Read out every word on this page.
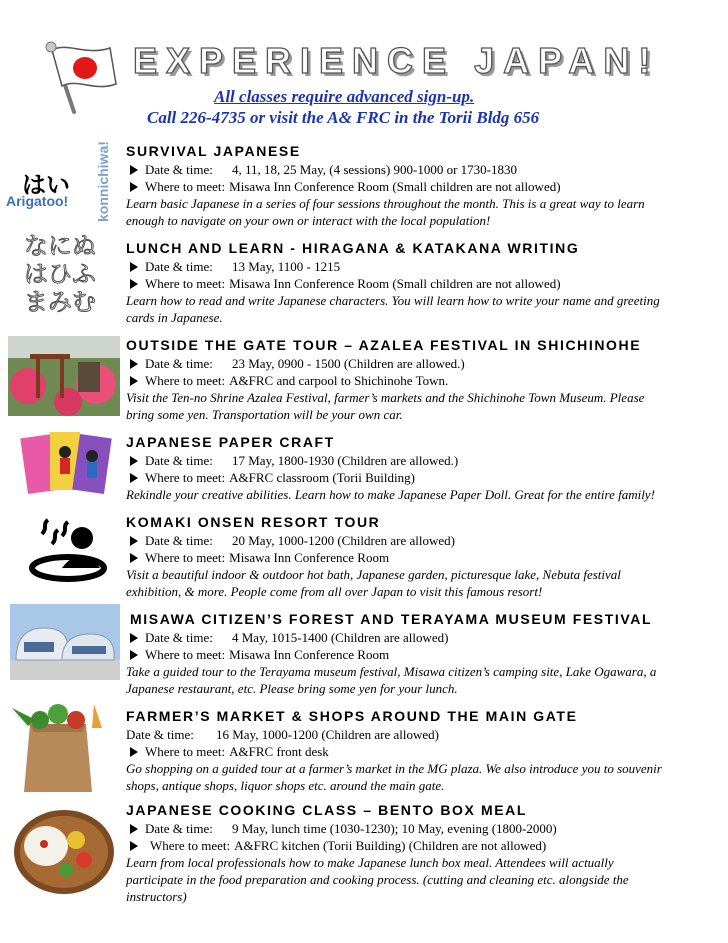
EXPERIENCE JAPAN!
All classes require advanced sign-up.
Call 226-4735 or visit the A& FRC in the Torii Bldg 656
はい
Arigatoo! konnichiwa!
なにぬ
はひふ
まみむ
SURVIVAL JAPANESE
Date & time: 4, 11, 18, 25 May, (4 sessions) 900-1000 or 1730-1830
Where to meet: Misawa Inn Conference Room (Small children are not allowed)
Learn basic Japanese in a series of four sessions throughout the month. This is a great way to learn
enough to navigate on your own or interact with the local population!
LUNCH AND LEARN - HIRAGANA & KATAKANA WRITING
Date & time: 13 May, 1100 - 1215
Where to meet: Misawa Inn Conference Room (Small children are not allowed)
Learn how to read and write Japanese characters. You will learn how to write your name and greeting
cards in Japanese.
OUTSIDE THE GATE TOUR – AZALEA FESTIVAL IN SHICHINOHE
Date & time: 23 May, 0900 - 1500 (Children are allowed.)
Where to meet: A&FRC and carpool to Shichinohe Town.
Visit the Ten-no Shrine Azalea Festival, farmer’s markets and the Shichinohe Town Museum. Please
bring some yen. Transportation will be your own car.
JAPANESE PAPER CRAFT
Date & time: 17 May, 1800-1930 (Children are allowed.)
Where to meet: A&FRC classroom (Torii Building)
Rekindle your creative abilities. Learn how to make Japanese Paper Doll. Great for the entire family!
KOMAKI ONSEN RESORT TOUR
Date & time: 20 May, 1000-1200 (Children are allowed)
Where to meet: Misawa Inn Conference Room
Visit a beautiful indoor & outdoor hot bath, Japanese garden, picturesque lake, Nebuta festival
exhibition, & more. People come from all over Japan to visit this famous resort!
MISAWA CITIZEN’S FOREST AND TERAYAMA MUSEUM FESTIVAL
Date & time: 4 May, 1015-1400 (Children are allowed)
Where to meet: Misawa Inn Conference Room
Take a guided tour to the Terayama museum festival, Misawa citizen’s camping site, Lake Ogawara, a
Japanese restaurant, etc. Please bring some yen for your lunch.
FARMER’S MARKET & SHOPS AROUND THE MAIN GATE
Date & time: 16 May, 1000-1200 (Children are allowed)
Where to meet: A&FRC front desk
Go shopping on a guided tour at a farmer’s market in the MG plaza. We also introduce you to souvenir
shops, antique shops, liquor shops etc. around the main gate.
JAPANESE COOKING CLASS – BENTO BOX MEAL
Date & time: 9 May, lunch time (1030-1230); 10 May, evening (1800-2000)
Where to meet: A&FRC kitchen (Torii Building) (Children are not allowed)
Learn from local professionals how to make Japanese lunch box meal. Attendees will actually
participate in the food preparation and cooking process. (cutting and cleaning etc. alongside the
instructors)
